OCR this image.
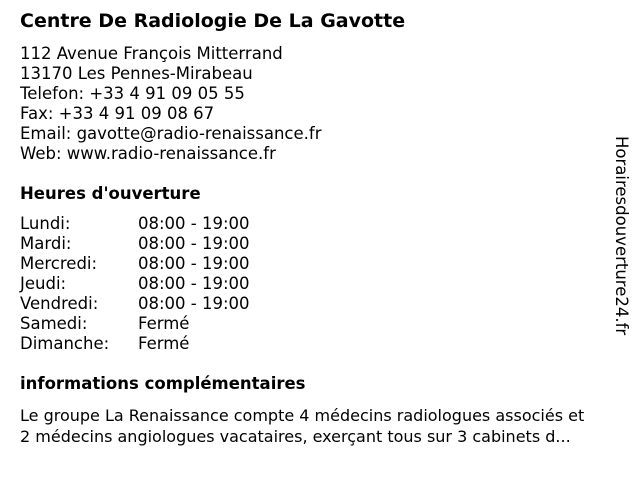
Centre De Radiologie De La Gavotte
112 Avenue François Mitterrand
13170 Les Pennes-Mirabeau
Telefon: +33 4 91 09 05 55
Fax: +33 4 91 09 08 67
Email: gavotte@radio-renaissance.fr
Web: www.radio-renaissance.fr
Heures d'ouverture
Lundi:	08:00 - 19:00
Mardi:	08:00 - 19:00
Mercredi: 08:00 - 19:00
Jeudi:	08:00 - 19:00
Vendredi: 08:00 - 19:00
Samedi:	Fermé
Dimanche: Fermé
informations complémentaires
Le groupe La Renaissance compte 4 médecins radiologues associés et
2 médecins angiologues vacataires, exerçant tous sur 3 cabinets d...
Horairesdouverture24.fr
